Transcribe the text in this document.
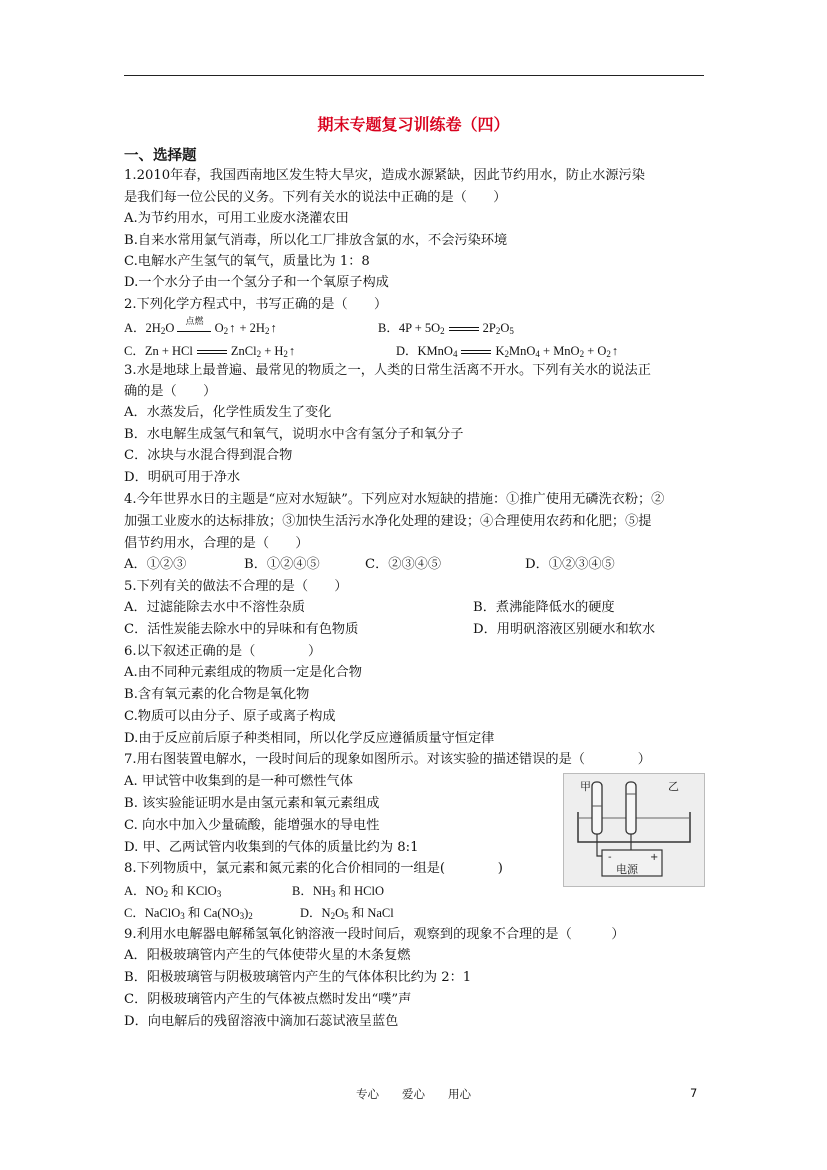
期末专题复习训练卷（四）
一、选择题
1.2010年春，我国西南地区发生特大旱灾，造成水源紧缺，因此节约用水，防止水源污染
是我们每一位公民的义务。下列有关水的说法中正确的是（　　）
A.为节约用水，可用工业废水浇灌农田
B.自来水常用氯气消毒，所以化工厂排放含氯的水，不会污染环境
C.电解水产生氢气的氧气，质量比为 1：8
D.一个水分子由一个氢分子和一个氧原子构成
2.下列化学方程式中，书写正确的是（　　）
A．$2H_2O$ 点燃 $O_2↑$ + $2H_2↑$	B．$4P + 5O_2$	$2P_2O_5$
C．Zn + HCl	ZnCl$_2$ + $H_2↑$	D．KMnO$_4$	$K_2MnO_4 + MnO_2$ + $O_2↑$
3.水是地球上最普遍、最常见的物质之一，人类的日常生活离不开水。下列有关水的说法正
确的是（　　）
A．水蒸发后，化学性质发生了变化
B．水电解生成氢气和氧气，说明水中含有氢分子和氧分子
C．冰块与水混合得到混合物
D．明矾可用于净水
4.今年世界水日的主题是“应对水短缺”。下列应对水短缺的措施：①推广使用无磷洗衣粉；②
加强工业废水的达标排放；③加快生活污水净化处理的建设；④合理使用农药和化肥；⑤提
倡节约用水，合理的是（　　）
A．①②③	B．①②④⑤	C．②③④⑤	D．①②③④⑤
5.下列有关的做法不合理的是（　　）
A．过滤能除去水中不溶性杂质	B．煮沸能降低水的硬度
C．活性炭能去除水中的异味和有色物质	D．用明矾溶液区别硬水和软水
6.以下叙述正确的是（　　　　）
A.由不同种元素组成的物质一定是化合物
B.含有氧元素的化合物是氧化物
C.物质可以由分子、原子或离子构成
D.由于反应前后原子种类相同，所以化学反应遵循质量守恒定律
7.用右图装置电解水，一段时间后的现象如图所示。对该实验的描述错误的是（　　　　）
A. 甲试管中收集到的是一种可燃性气体
B. 该实验能证明水是由氢元素和氧元素组成
C. 向水中加入少量硫酸，能增强水的导电性
D. 甲、乙两试管内收集到的气体的质量比约为 8:1
甲	乙
-	+
电源
8.下列物质中，氯元素和氮元素的化合价相同的一组是(　　　　)
A．$NO_2$ 和 KClO$_3$	B．$NH_3$ 和 HClO
C．NaClO$_3$ 和 $Ca(NO_3)_2$	D．$N_2O_5$ 和 NaCl
9.利用水电解器电解稀氢氧化钠溶液一段时间后，观察到的现象不合理的是（　　　）
A．阳极玻璃管内产生的气体使带火星的木条复燃
B．阳极玻璃管与阴极玻璃管内产生的气体体积比约为 2：1
C．阴极玻璃管内产生的气体被点燃时发出“噗”声
D．向电解后的残留溶液中滴加石蕊试液呈蓝色
专心　　爱心　　用心	7
